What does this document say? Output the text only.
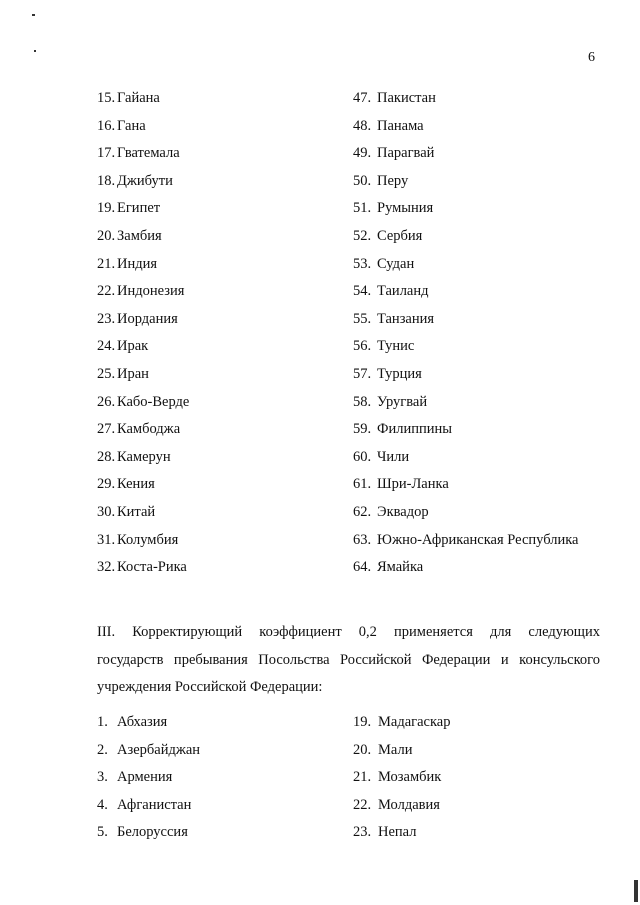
6
15. Гайана
16. Гана
17. Гватемала
18. Джибути
19. Египет
20. Замбия
21. Индия
22. Индонезия
23. Иордания
24. Ирак
25. Иран
26. Кабо-Верде
27. Камбоджа
28. Камерун
29. Кения
30. Китай
31. Колумбия
32. Коста-Рика
47. Пакистан
48. Панама
49. Парагвай
50. Перу
51. Румыния
52. Сербия
53. Судан
54. Таиланд
55. Танзания
56. Тунис
57. Турция
58. Уругвай
59. Филиппины
60. Чили
61. Шри-Ланка
62. Эквадор
63. Южно-Африканская Республика
64. Ямайка

III. Корректирующий коэффициент 0,2 применяется для следующих
государств пребывания Посольства Российской Федерации и консульского
учреждения Российской Федерации:

1. Абхазия
2. Азербайджан
3. Армения
4. Афганистан
5. Белоруссия
19. Мадагаскар
20. Мали
21. Мозамбик
22. Молдавия
23. Непал
